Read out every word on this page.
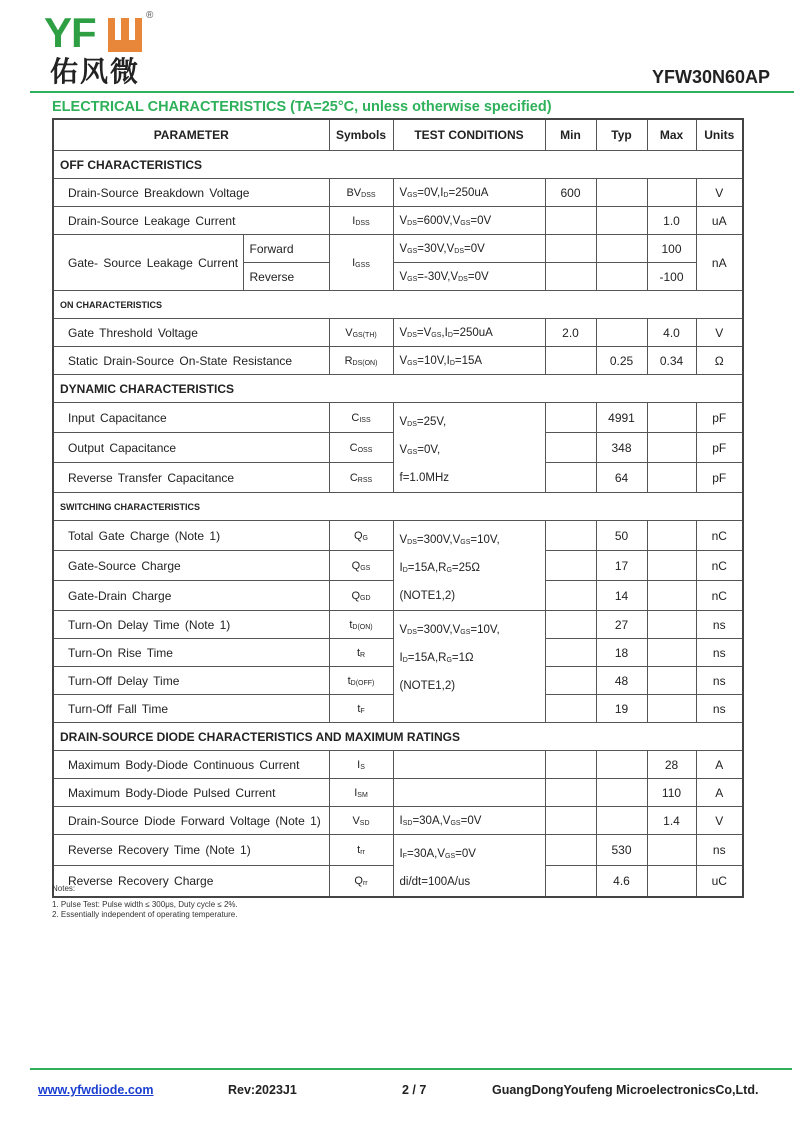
YF	®
佑风微	YFW30N60AP
ELECTRICAL CHARACTERISTICS (TA=25°C, unless otherwise specified)
PARAMETER		Symbols	TEST CONDITIONS	Min	Typ	Max	Units
OFF CHARACTERISTICS							
Drain-Source Breakdown Voltage		$BV_{DSS}$	$V_{GS}=0V,I_D=250uA$	600			V
Drain-Source Leakage Current		$I_{DSS}$	$V_{DS}=600V,V_{GS}=0V$			1.0	uA
Gate- Source Leakage Current	Forward	$I_{GSS}$	$V_{GS}=30V,V_{DS}=0V$			100	nA
	Reverse		$V_{GS}=-30V,V_{DS}=0V$			-100	
ON CHARACTERISTICS							
Gate Threshold Voltage		$V_{GS(TH)}$	$V_{DS}=V_{GS},I_D=250uA$	2.0		4.0	V
Static Drain-Source On-State Resistance		$R_{DS(ON)}$	$V_{GS}=10V,I_D=15A$		0.25	0.34	Ω
DYNAMIC CHARACTERISTICS							
Input Capacitance		$C_{ISS}$	$V_{DS}=25V$,
$V_{GS}=0V$,
f=1.0MHz		4991		pF
Output Capacitance		$C_{OSS}$			348		pF
Reverse Transfer Capacitance		$C_{RSS}$			64		pF
SWITCHING CHARACTERISTICS							
Total Gate Charge (Note 1)		$Q_G$	$V_{DS}=300V,V_{GS}=10V$,
$I_D=15A,R_G=25\Omega$
(NOTE1,2)		50		nC
Gate-Source Charge		$Q_{GS}$			17		nC
Gate-Drain Charge		$Q_{GD}$			14		nC
Turn-On Delay Time (Note 1)		$t_{D(ON)}$	$V_{DS}=300V,V_{GS}=10V$,
$I_D=15A,R_G=1\Omega$
(NOTE1,2)		27		ns
Turn-On Rise Time		$t_R$			18		ns
Turn-Off Delay Time		$t_{D(OFF)}$			48		ns
Turn-Off Fall Time		$t_F$			19		ns
DRAIN-SOURCE DIODE CHARACTERISTICS AND MAXIMUM RATINGS							
Maximum Body-Diode Continuous Current		$I_S$				28	A
Maximum Body-Diode Pulsed Current		$I_{SM}$				110	A
Drain-Source Diode Forward Voltage (Note 1)		$V_{SD}$	$I_{SD}=30A,V_{GS}=0V$			1.4	V
Reverse Recovery Time (Note 1)		$t_{rr}$	$I_F=30A,V_{GS}=0V$
di/dt=100A/us		530		ns
Reverse Recovery Charge		$Q_{rr}$			4.6		uC
Notes:
1. Pulse Test: Pulse width ≤ 300μs, Duty cycle ≤ 2%.
2. Essentially independent of operating temperature.
www.yfwdiode.com	Rev:2023J1	2 / 7	GuangDongYoufeng MicroelectronicsCo,Ltd.
